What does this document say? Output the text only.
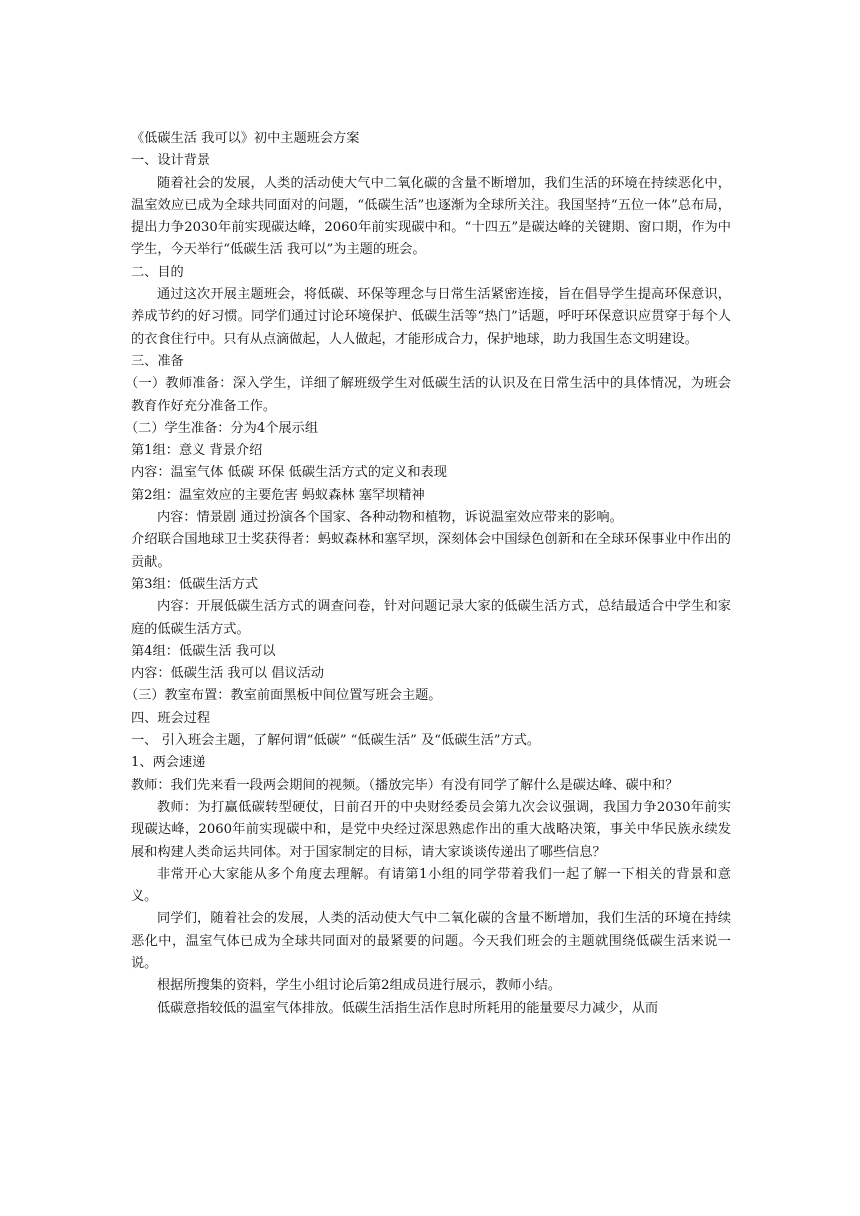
《低碳生活 我可以》初中主题班会方案

一、设计背景

随着社会的发展，人类的活动使大气中二氧化碳的含量不断增加，我们生活的环境在持续恶化中，温室效应已成为全球共同面对的问题，“低碳生活”也逐渐为全球所关注。我国坚持“五位一体”总布局，提出力争2030年前实现碳达峰，2060年前实现碳中和。“十四五”是碳达峰的关键期、窗口期，作为中学生，今天举行“低碳生活 我可以”为主题的班会。

二、目的

通过这次开展主题班会，将低碳、环保等理念与日常生活紧密连接，旨在倡导学生提高环保意识，养成节约的好习惯。同学们通过讨论环境保护、低碳生活等“热门”话题，呼吁环保意识应贯穿于每个人的衣食住行中。只有从点滴做起，人人做起，才能形成合力，保护地球，助力我国生态文明建设。

三、准备

（一）教师准备：深入学生，详细了解班级学生对低碳生活的认识及在日常生活中的具体情况，为班会教育作好充分准备工作。

（二）学生准备：分为4个展示组

第1组：意义 背景介绍

内容：温室气体 低碳 环保 低碳生活方式的定义和表现

第2组：温室效应的主要危害 蚂蚁森林 塞罕坝精神

内容：情景剧 通过扮演各个国家、各种动物和植物，诉说温室效应带来的影响。

介绍联合国地球卫士奖获得者：蚂蚁森林和塞罕坝，深刻体会中国绿色创新和在全球环保事业中作出的贡献。

第3组：低碳生活方式

内容：开展低碳生活方式的调查问卷，针对问题记录大家的低碳生活方式，总结最适合中学生和家庭的低碳生活方式。

第4组：低碳生活 我可以

内容：低碳生活 我可以 倡议活动

（三）教室布置：教室前面黑板中间位置写班会主题。

四、班会过程

一、 引入班会主题，了解何谓“低碳” “低碳生活” 及“低碳生活”方式。

1、两会速递

教师：我们先来看一段两会期间的视频。（播放完毕）有没有同学了解什么是碳达峰、碳中和？

教师：为打赢低碳转型硬仗，日前召开的中央财经委员会第九次会议强调，我国力争2030年前实现碳达峰，2060年前实现碳中和，是党中央经过深思熟虑作出的重大战略决策，事关中华民族永续发展和构建人类命运共同体。对于国家制定的目标，请大家谈谈传递出了哪些信息？

非常开心大家能从多个角度去理解。有请第1小组的同学带着我们一起了解一下相关的背景和意义。

同学们，随着社会的发展，人类的活动使大气中二氧化碳的含量不断增加，我们生活的环境在持续恶化中，温室气体已成为全球共同面对的最紧要的问题。今天我们班会的主题就围绕低碳生活来说一说。

根据所搜集的资料，学生小组讨论后第2组成员进行展示，教师小结。

低碳意指较低的温室气体排放。低碳生活指生活作息时所耗用的能量要尽力减少，从而
